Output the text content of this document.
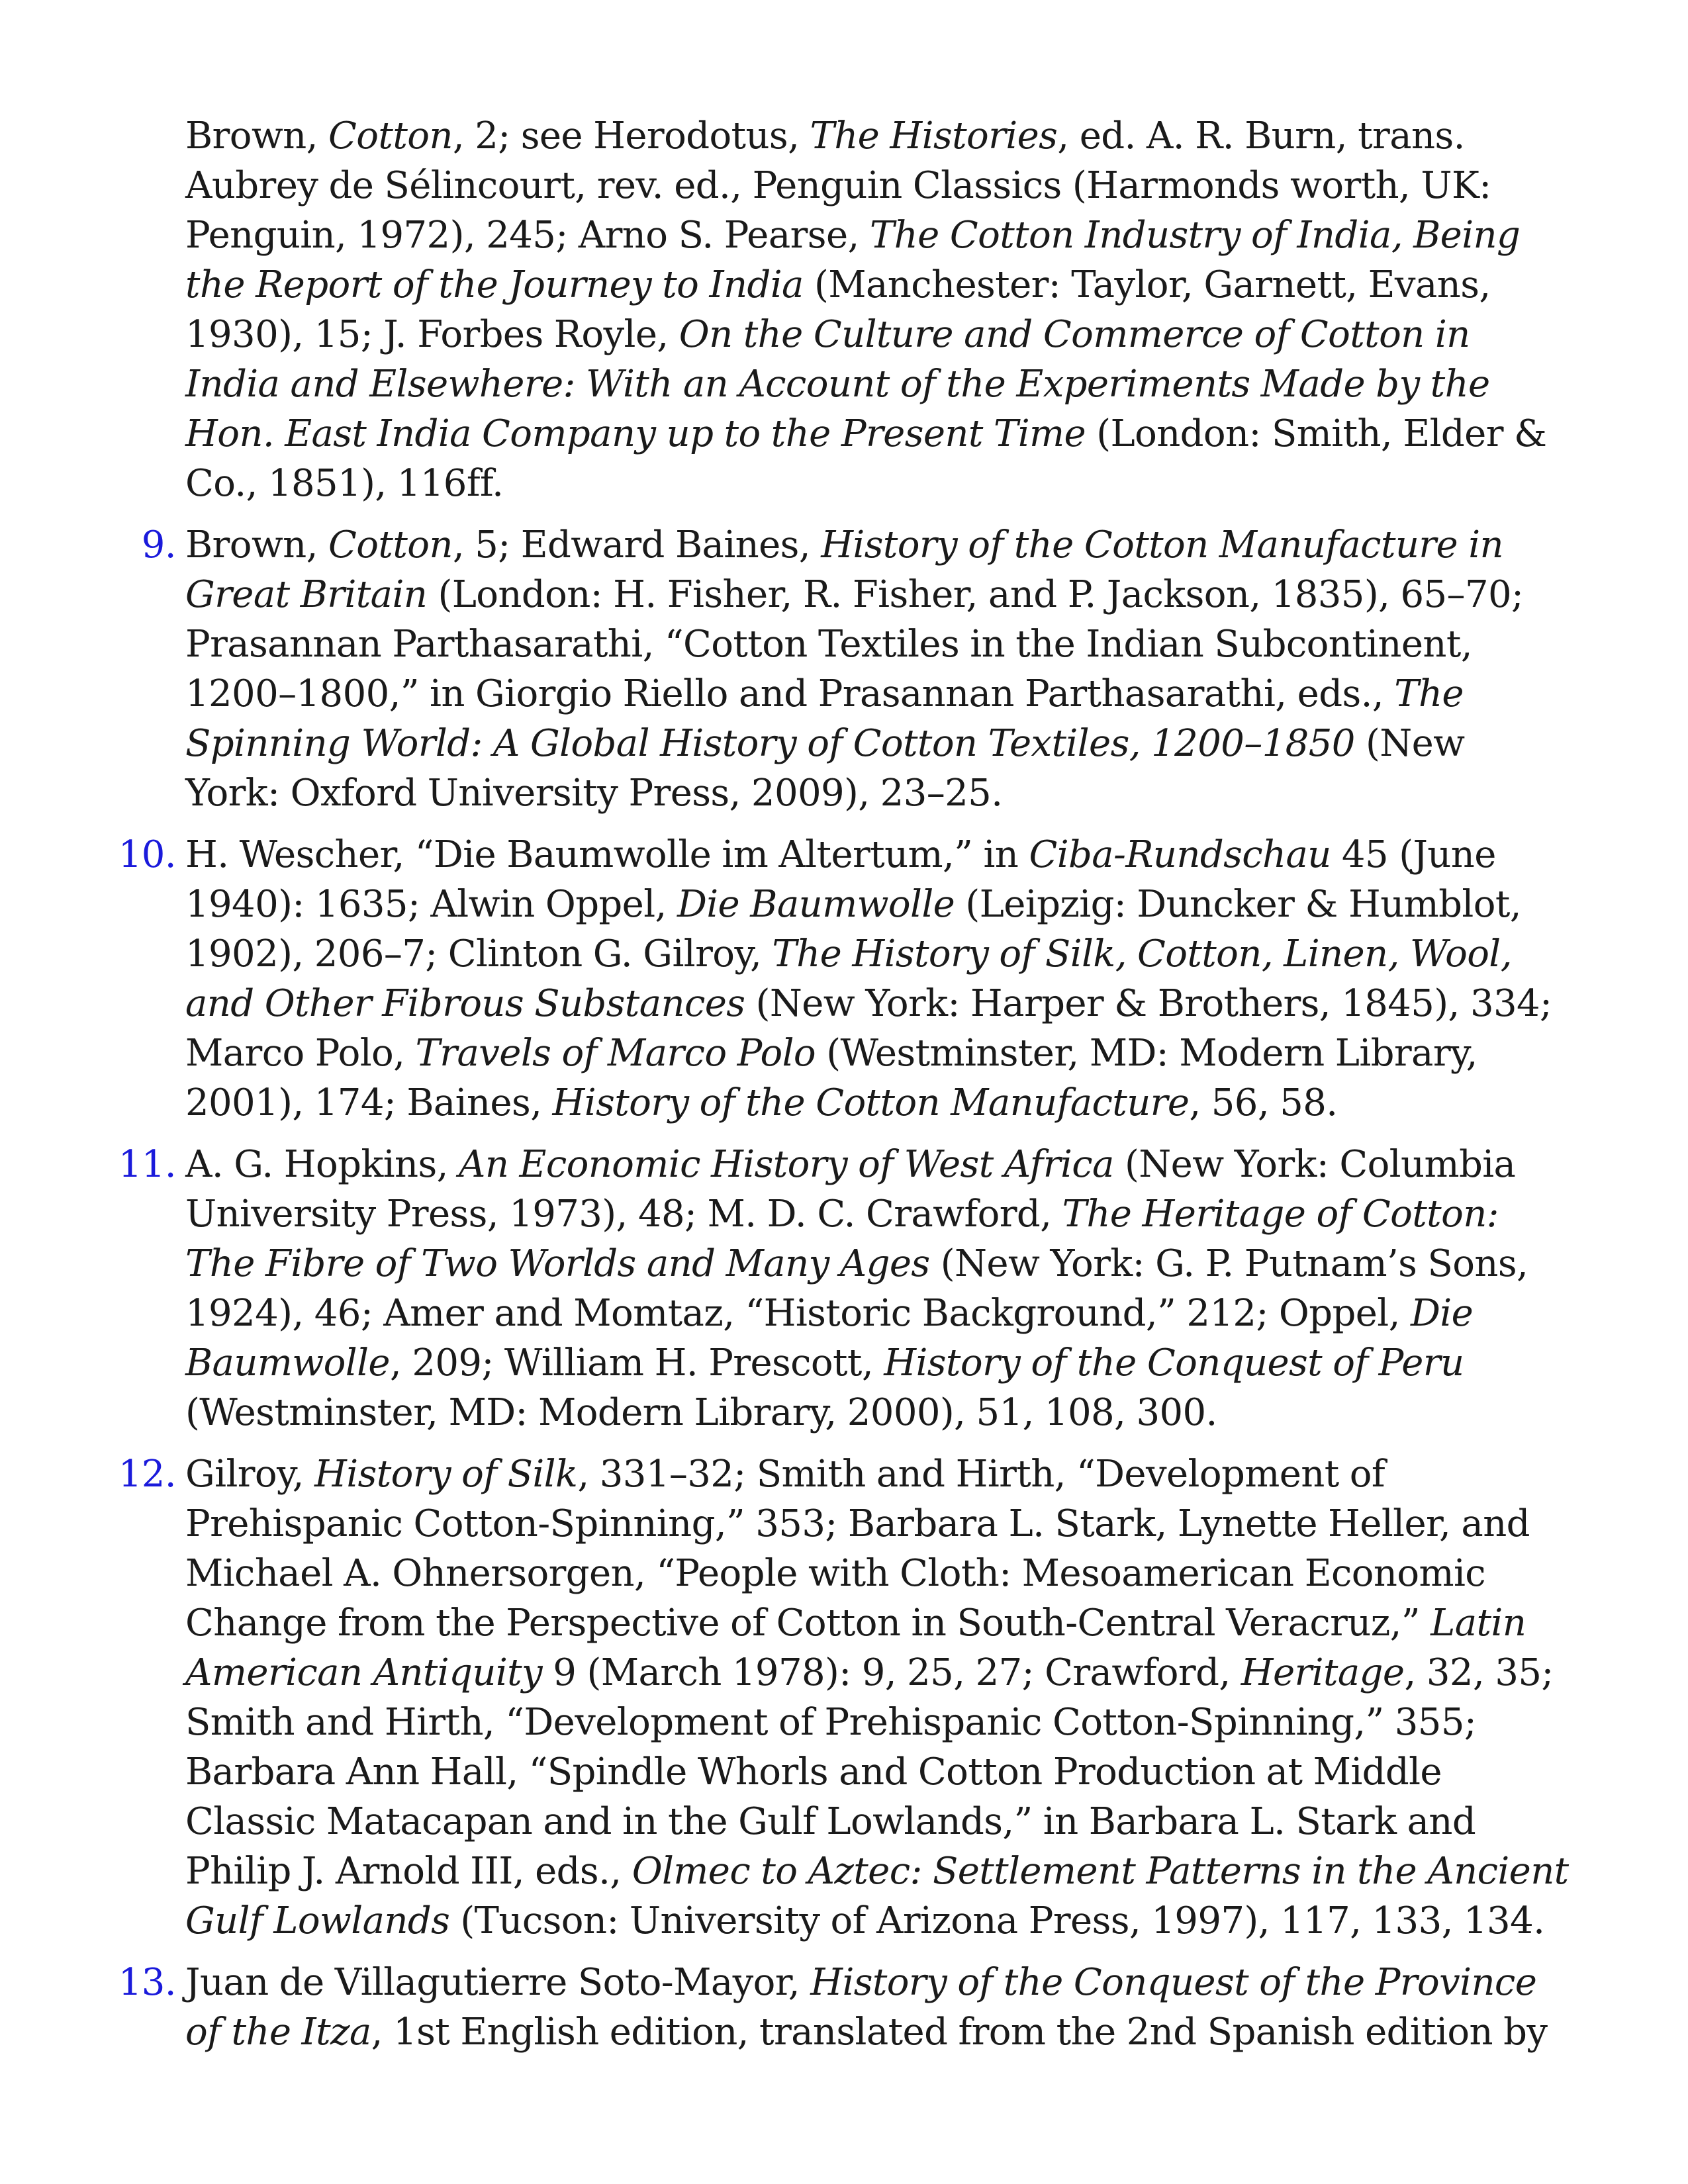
Brown, Cotton, 2; see Herodotus, The Histories, ed. A. R. Burn, trans. Aubrey de Sélincourt, rev. ed., Penguin Classics (Harmonds worth, UK: Penguin, 1972), 245; Arno S. Pearse, The Cotton Industry of India, Being the Report of the Journey to India (Manchester: Taylor, Garnett, Evans, 1930), 15; J. Forbes Royle, On the Culture and Commerce of Cotton in India and Elsewhere: With an Account of the Experiments Made by the Hon. East India Company up to the Present Time (London: Smith, Elder & Co., 1851), 116ff.
9. Brown, Cotton, 5; Edward Baines, History of the Cotton Manufacture in Great Britain (London: H. Fisher, R. Fisher, and P. Jackson, 1835), 65–70; Prasannan Parthasarathi, “Cotton Textiles in the Indian Subcontinent, 1200–1800,” in Giorgio Riello and Prasannan Parthasarathi, eds., The Spinning World: A Global History of Cotton Textiles, 1200–1850 (New York: Oxford University Press, 2009), 23–25.
10. H. Wescher, “Die Baumwolle im Altertum,” in Ciba-Rundschau 45 (June 1940): 1635; Alwin Oppel, Die Baumwolle (Leipzig: Duncker & Humblot, 1902), 206–7; Clinton G. Gilroy, The History of Silk, Cotton, Linen, Wool, and Other Fibrous Substances (New York: Harper & Brothers, 1845), 334; Marco Polo, Travels of Marco Polo (Westminster, MD: Modern Library, 2001), 174; Baines, History of the Cotton Manufacture, 56, 58.
11. A. G. Hopkins, An Economic History of West Africa (New York: Columbia University Press, 1973), 48; M. D. C. Crawford, The Heritage of Cotton: The Fibre of Two Worlds and Many Ages (New York: G. P. Putnam’s Sons, 1924), 46; Amer and Momtaz, “Historic Background,” 212; Oppel, Die Baumwolle, 209; William H. Prescott, History of the Conquest of Peru (Westminster, MD: Modern Library, 2000), 51, 108, 300.
12. Gilroy, History of Silk, 331–32; Smith and Hirth, “Development of Prehispanic Cotton-Spinning,” 353; Barbara L. Stark, Lynette Heller, and Michael A. Ohnersorgen, “People with Cloth: Mesoamerican Economic Change from the Perspective of Cotton in South-Central Veracruz,” Latin American Antiquity 9 (March 1978): 9, 25, 27; Crawford, Heritage, 32, 35; Smith and Hirth, “Development of Prehispanic Cotton-Spinning,” 355; Barbara Ann Hall, “Spindle Whorls and Cotton Production at Middle Classic Matacapan and in the Gulf Lowlands,” in Barbara L. Stark and Philip J. Arnold III, eds., Olmec to Aztec: Settlement Patterns in the Ancient Gulf Lowlands (Tucson: University of Arizona Press, 1997), 117, 133, 134.
13. Juan de Villagutierre Soto-Mayor, History of the Conquest of the Province of the Itza, 1st English edition, translated from the 2nd Spanish edition by
